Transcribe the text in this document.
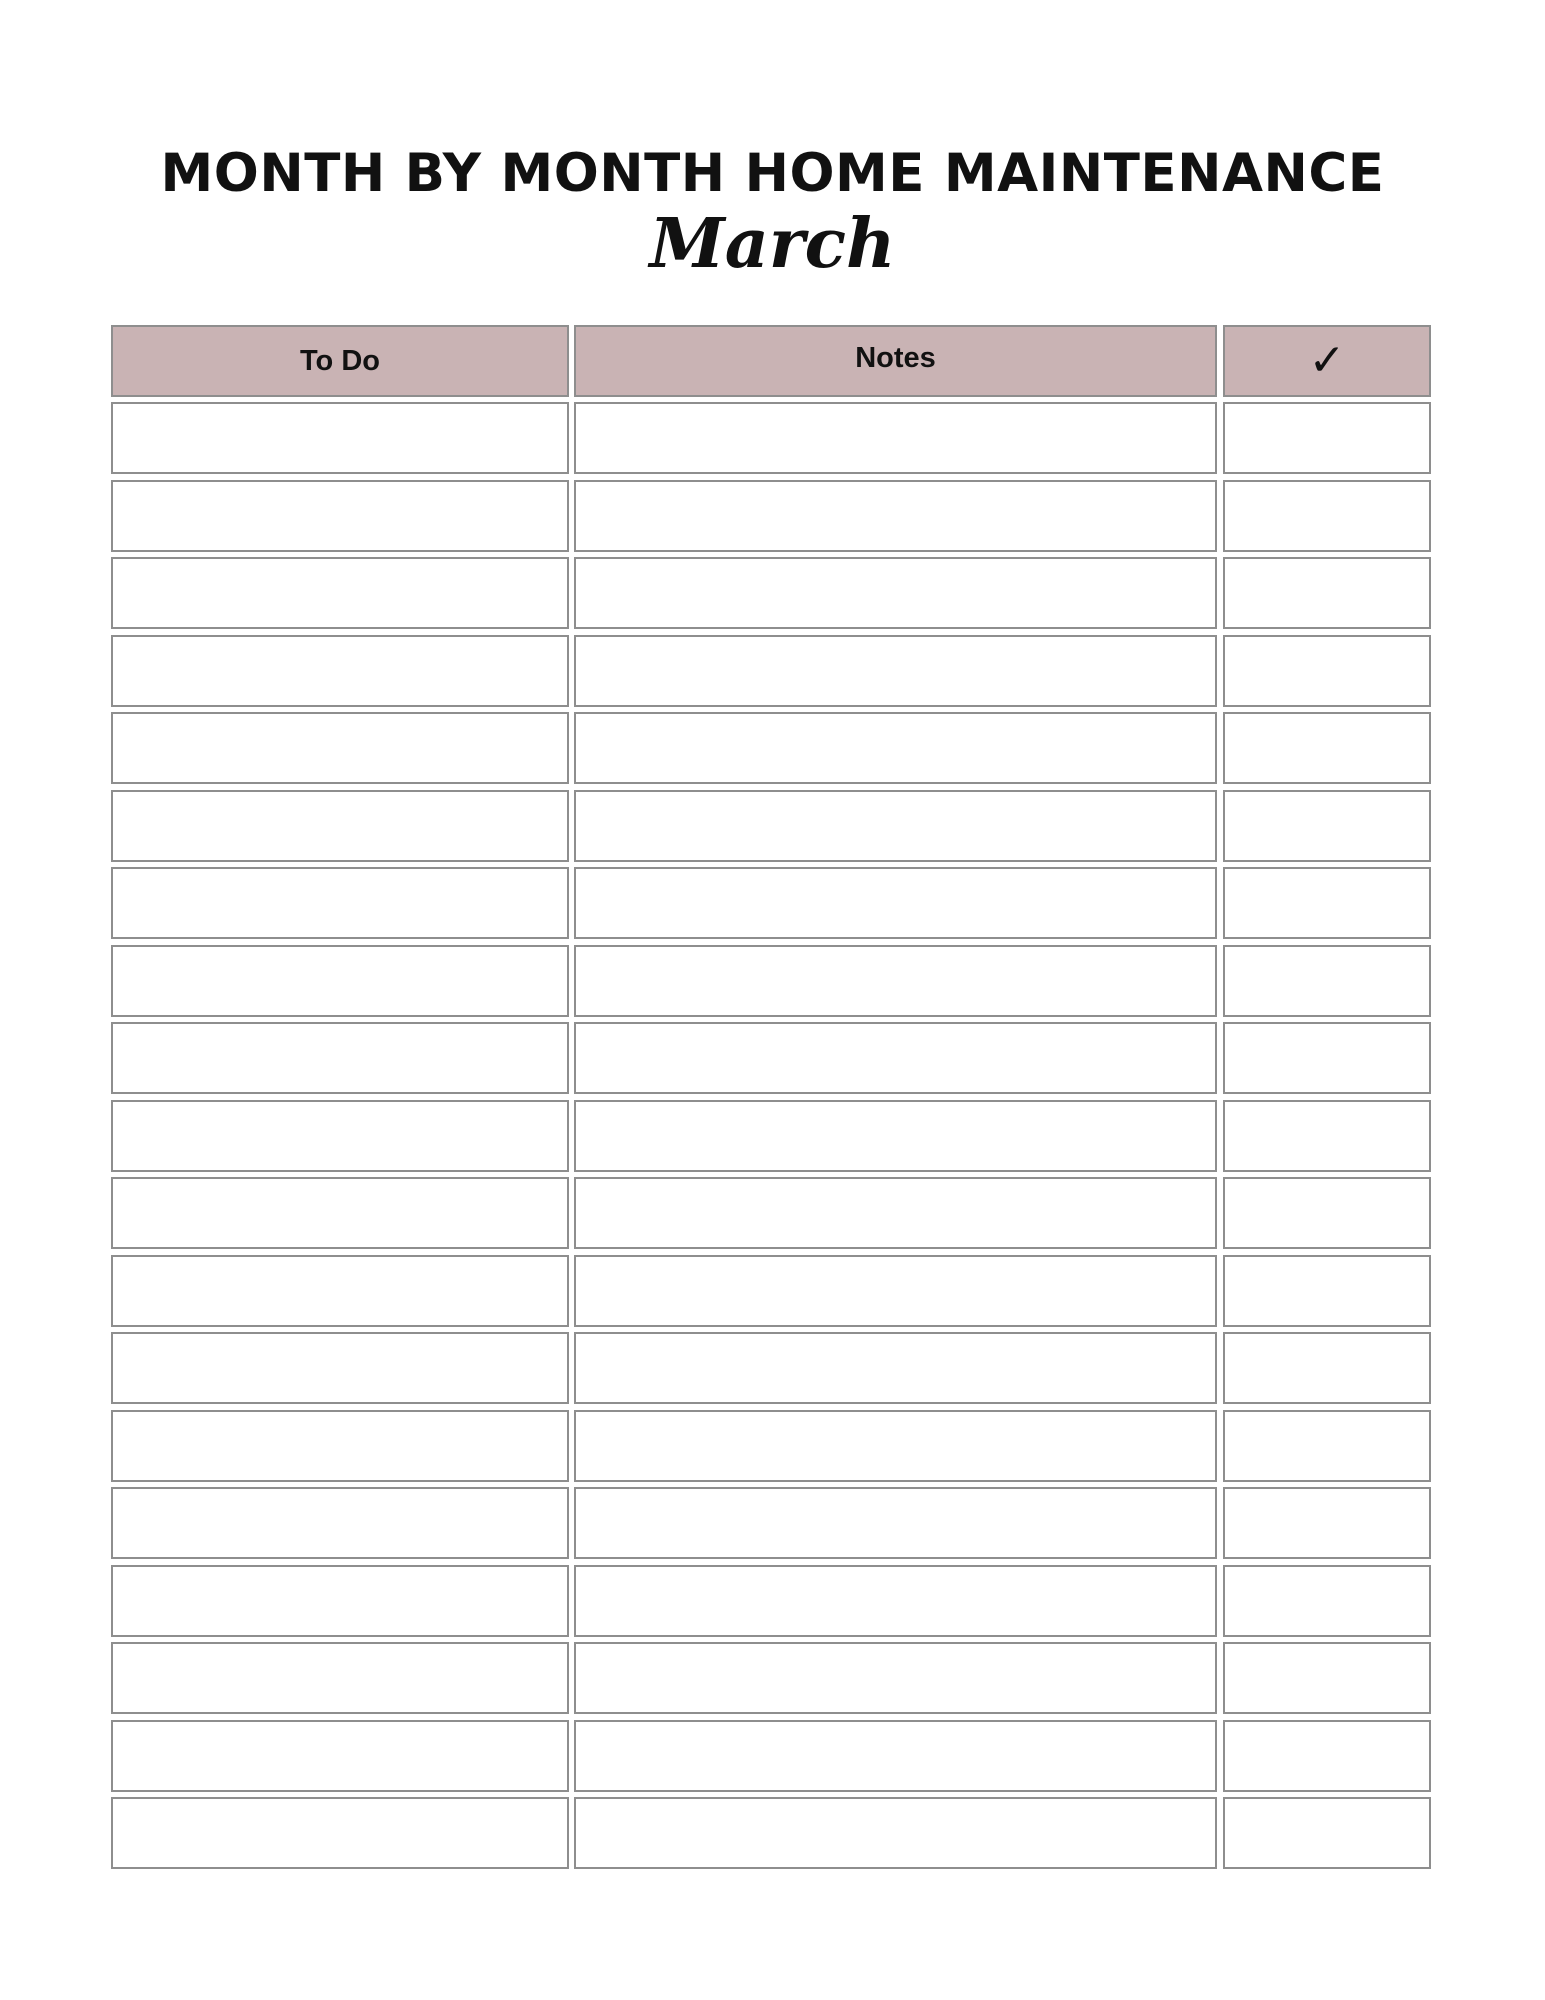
MONTH BY MONTH HOME MAINTENANCE
March
To Do	Notes	✓
